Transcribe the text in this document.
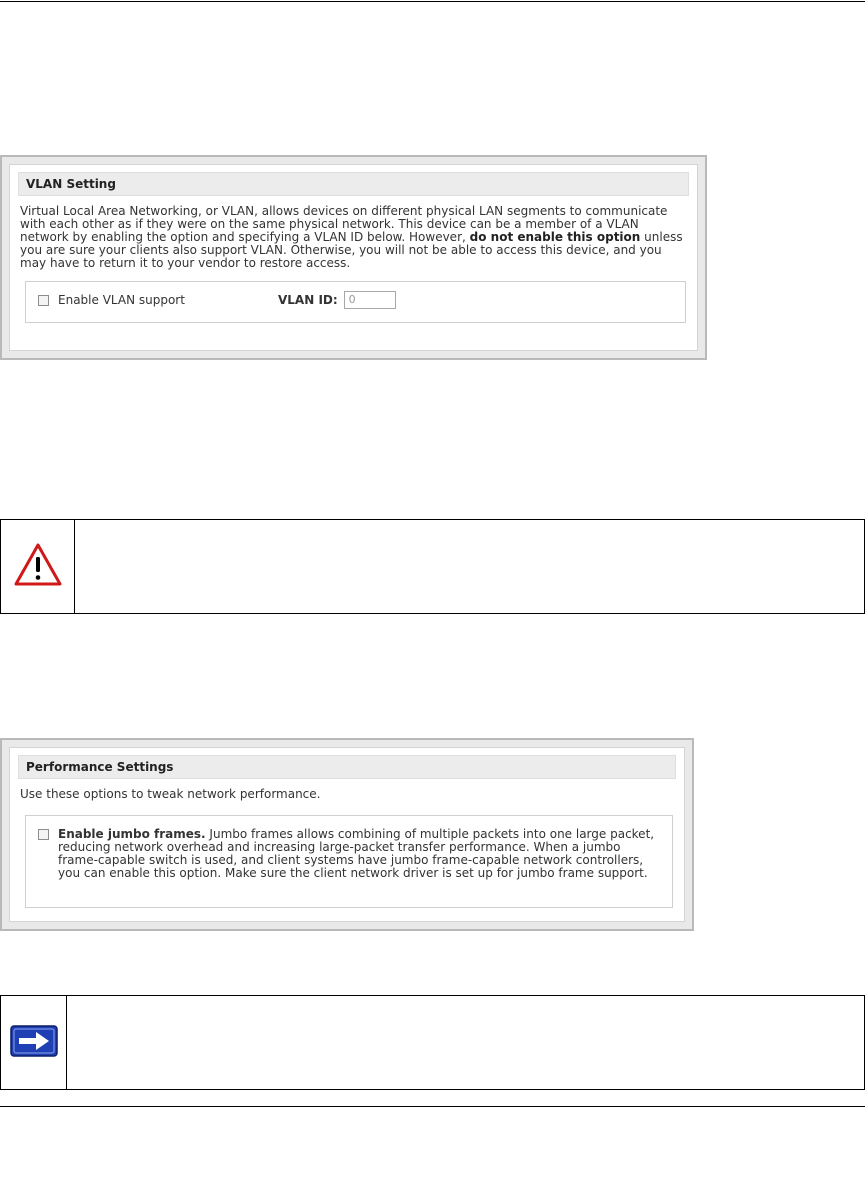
VLAN Setting
Virtual Local Area Networking, or VLAN, allows devices on different physical LAN segments to communicate with each other as if they were on the same physical network. This device can be a member of a VLAN network by enabling the option and specifying a VLAN ID below. However, do not enable this option unless you are sure your clients also support VLAN. Otherwise, you will not be able to access this device, and you may have to return it to your vendor to restore access.
Enable VLAN support	VLAN ID:	0
Performance Settings
Use these options to tweak network performance.
Enable jumbo frames. Jumbo frames allows combining of multiple packets into one large packet, reducing network overhead and increasing large-packet transfer performance. When a jumbo frame-capable switch is used, and client systems have jumbo frame-capable network controllers, you can enable this option. Make sure the client network driver is set up for jumbo frame support.
